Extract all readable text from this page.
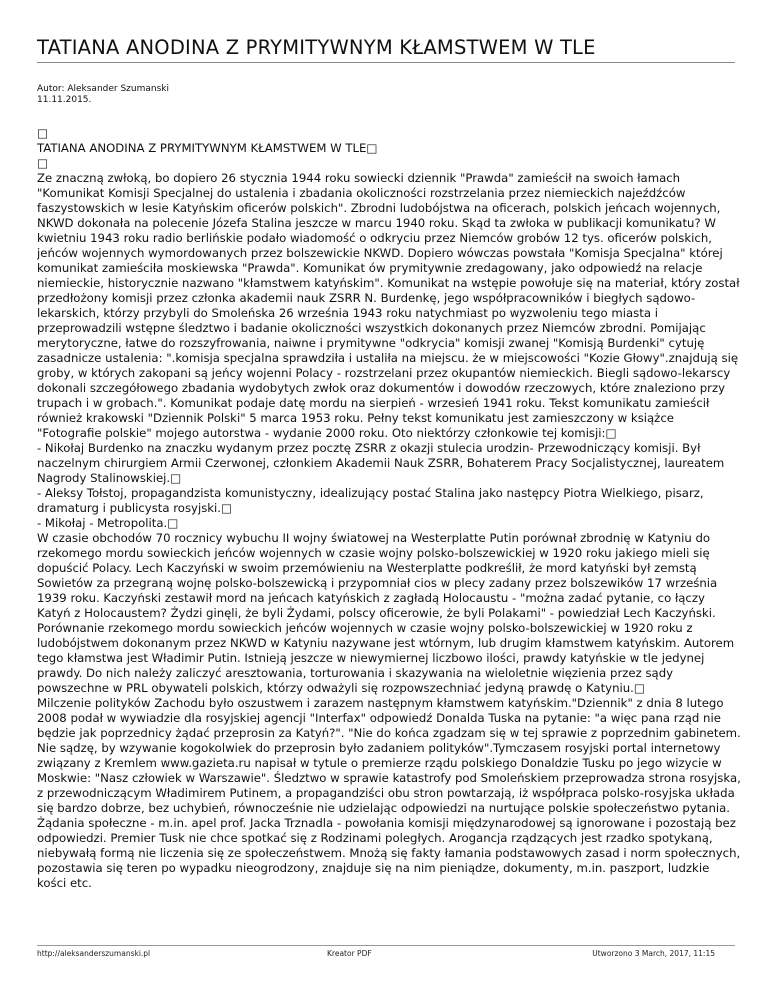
TATIANA ANODINA Z PRYMITYWNYM KŁAMSTWEM W TLE
Autor: Aleksander Szumanski
11.11.2015.
□
TATIANA ANODINA Z PRYMITYWNYM KŁAMSTWEM W TLE□
□
Ze znaczną zwłoką, bo dopiero 26 stycznia 1944 roku sowiecki dziennik "Prawda" zamieścił na swoich łamach "Komunikat Komisji Specjalnej do ustalenia i zbadania okoliczności rozstrzelania przez niemieckich najeźdźców faszystowskich w lesie Katyńskim oficerów polskich". Zbrodni ludobójstwa na oficerach, polskich jeńcach wojennych, NKWD dokonała na polecenie Józefa Stalina jeszcze w marcu 1940 roku. Skąd ta zwłoka w publikacji komunikatu? W kwietniu 1943 roku radio berlińskie podało wiadomość o odkryciu przez Niemców grobów 12 tys. oficerów polskich, jeńców wojennych wymordowanych przez bolszewickie NKWD. Dopiero wówczas powstała "Komisja Specjalna" której komunikat zamieściła moskiewska "Prawda". Komunikat ów prymitywnie zredagowany, jako odpowiedź na relacje niemieckie, historycznie nazwano "kłamstwem katyńskim". Komunikat na wstępie powołuje się na materiał, który został przedłożony komisji przez członka akademii nauk ZSRR N. Burdenkę, jego współpracowników i biegłych sądowo-lekarskich, którzy przybyli do Smoleńska 26 września 1943 roku natychmiast po wyzwoleniu tego miasta i przeprowadzili wstępne śledztwo i badanie okoliczności wszystkich dokonanych przez Niemców zbrodni. Pomijając merytoryczne, łatwe do rozszyfrowania, naiwne i prymitywne "odkrycia" komisji zwanej "Komisją Burdenki" cytuję zasadnicze ustalenia: ".komisja specjalna sprawdziła i ustaliła na miejscu. że w miejscowości "Kozie Głowy".znajdują się groby, w których zakopani są jeńcy wojenni Polacy - rozstrzelani przez okupantów niemieckich. Biegli sądowo-lekarscy dokonali szczegółowego zbadania wydobytych zwłok oraz dokumentów i dowodów rzeczowych, które znaleziono przy trupach i w grobach.". Komunikat podaje datę mordu na sierpień - wrzesień 1941 roku. Tekst komunikatu zamieścił również krakowski "Dziennik Polski" 5 marca 1953 roku. Pełny tekst komunikatu jest zamieszczony w książce "Fotografie polskie" mojego autorstwa - wydanie 2000 roku. Oto niektórzy członkowie tej komisji:□
- Nikołaj Burdenko na znaczku wydanym przez pocztę ZSRR z okazji stulecia urodzin- Przewodniczący komisji. Był naczelnym chirurgiem Armii Czerwonej, członkiem Akademii Nauk ZSRR, Bohaterem Pracy Socjalistycznej, laureatem Nagrody Stalinowskiej.□
- Aleksy Tołstoj, propagandzista komunistyczny, idealizujący postać Stalina jako następcy Piotra Wielkiego, pisarz, dramaturg i publicysta rosyjski.□
- Mikołaj - Metropolita.□
W czasie obchodów 70 rocznicy wybuchu II wojny światowej na Westerplatte Putin porównał zbrodnię w Katyniu do rzekomego mordu sowieckich jeńców wojennych w czasie wojny polsko-bolszewickiej w 1920 roku jakiego mieli się dopuścić Polacy. Lech Kaczyński w swoim przemówieniu na Westerplatte podkreślił, że mord katyński był zemstą Sowietów za przegraną wojnę polsko-bolszewicką i przypomniał cios w plecy zadany przez bolszewików 17 września 1939 roku. Kaczyński zestawił mord na jeńcach katyńskich z zagładą Holocaustu - "można zadać pytanie, co łączy Katyń z Holocaustem? Żydzi ginęli, że byli Żydami, polscy oficerowie, że byli Polakami" - powiedział Lech Kaczyński. Porównanie rzekomego mordu sowieckich jeńców wojennych w czasie wojny polsko-bolszewickiej w 1920 roku z ludobójstwem dokonanym przez NKWD w Katyniu nazywane jest wtórnym, lub drugim kłamstwem katyńskim. Autorem tego kłamstwa jest Władimir Putin. Istnieją jeszcze w niewymiernej liczbowo ilości, prawdy katyńskie w tle jedynej prawdy. Do nich należy zaliczyć aresztowania, torturowania i skazywania na wieloletnie więzienia przez sądy powszechne w PRL obywateli polskich, którzy odważyli się rozpowszechniać jedyną prawdę o Katyniu.□
Milczenie polityków Zachodu było oszustwem i zarazem następnym kłamstwem katyńskim."Dziennik" z dnia 8 lutego 2008 podał w wywiadzie dla rosyjskiej agencji "Interfax" odpowiedź Donalda Tuska na pytanie: "a więc pana rząd nie będzie jak poprzednicy żądać przeprosin za Katyń?". "Nie do końca zgadzam się w tej sprawie z poprzednim gabinetem. Nie sądzę, by wzywanie kogokolwiek do przeprosin było zadaniem polityków".Tymczasem rosyjski portal internetowy związany z Kremlem www.gazieta.ru napisał w tytule o premierze rządu polskiego Donaldzie Tusku po jego wizycie w Moskwie: "Nasz człowiek w Warszawie". Śledztwo w sprawie katastrofy pod Smoleńskiem przeprowadza strona rosyjska, z przewodniczącym Władimirem Putinem, a propagandziści obu stron powtarzają, iż współpraca polsko-rosyjska układa się bardzo dobrze, bez uchybień, równocześnie nie udzielając odpowiedzi na nurtujące polskie społeczeństwo pytania. Żądania społeczne - m.in. apel prof. Jacka Trznadla - powołania komisji międzynarodowej są ignorowane i pozostają bez odpowiedzi. Premier Tusk nie chce spotkać się z Rodzinami poległych. Arogancja rządzących jest rzadko spotykaną, niebywałą formą nie liczenia się ze społeczeństwem. Mnożą się fakty łamania podstawowych zasad i norm społecznych, pozostawia się teren po wypadku nieogrodzony, znajduje się na nim pieniądze, dokumenty, m.in. paszport, ludzkie kości etc.
http://aleksanderszumanski.pl	Kreator PDF	Utworzono 3 March, 2017, 11:15
